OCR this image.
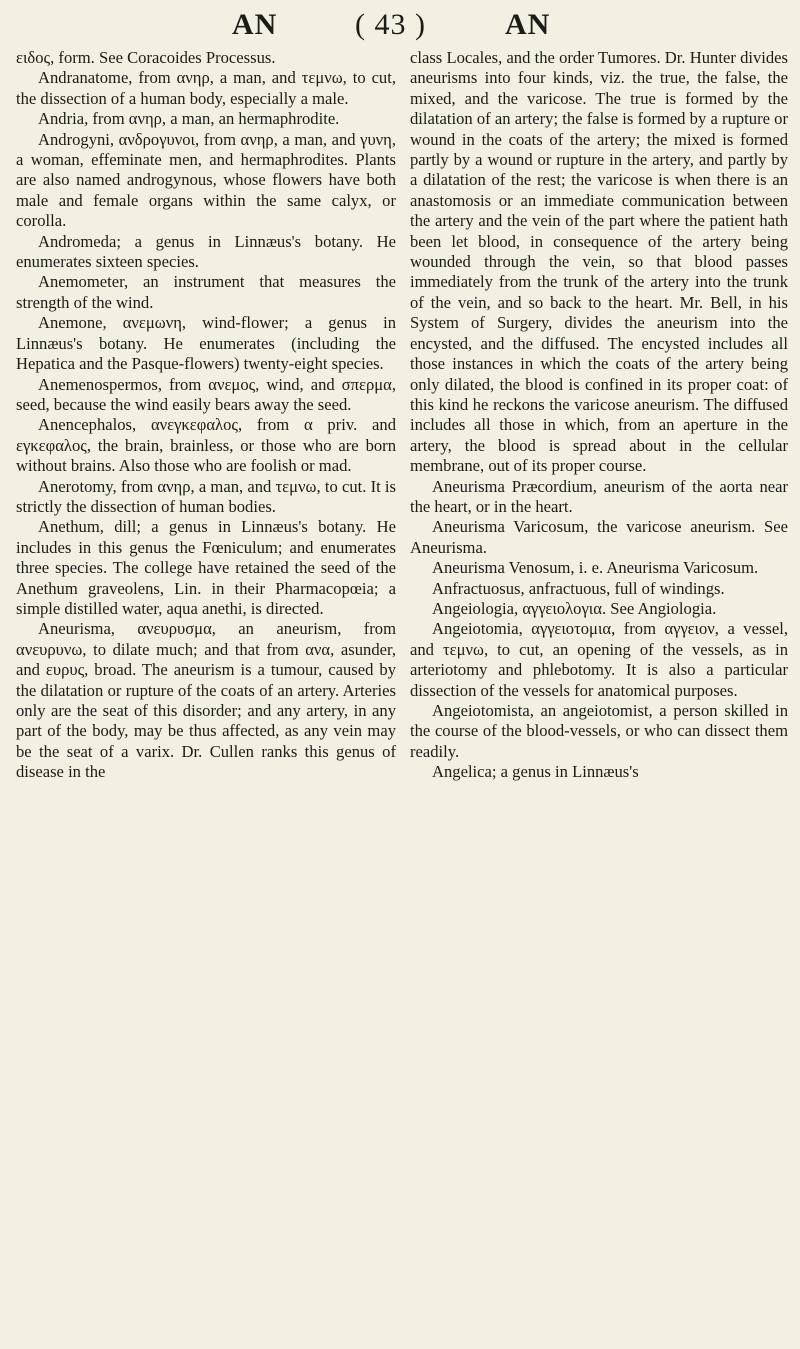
AN	( 43 )	AN

ειδος, form. See Coracoides Processus.

Andranatome, from ανηρ, a man, and τεμνω, to cut, the dissection of a human body, especially a male.

Andria, from ανηρ, a man, an hermaphrodite.

Androgyni, ανδρογυνοι, from ανηρ, a man, and γυνη, a woman, effeminate men, and hermaphrodites. Plants are also named androgynous, whose flowers have both male and female organs within the same calyx, or corolla.

Andromeda; a genus in Linnæus's botany. He enumerates sixteen species.

Anemometer, an instrument that measures the strength of the wind.

Anemone, ανεμωνη, wind-flower; a genus in Linnæus's botany. He enumerates (including the Hepatica and the Pasque-flowers) twenty-eight species.

Anemenospermos, from ανεμος, wind, and σπερμα, seed, because the wind easily bears away the seed.

Anencephalos, ανεγκεφαλος, from α priv. and εγκεφαλος, the brain, brainless, or those who are born without brains. Also those who are foolish or mad.

Anerotomy, from ανηρ, a man, and τεμνω, to cut. It is strictly the dissection of human bodies.

Anethum, dill; a genus in Linnæus's botany. He includes in this genus the Fœniculum; and enumerates three species. The college have retained the seed of the Anethum graveolens, Lin. in their Pharmacopœia; a simple distilled water, aqua anethi, is directed.

Aneurisma, ανευρυσμα, an aneurism, from ανευρυνω, to dilate much; and that from ανα, asunder, and ευρυς, broad. The aneurism is a tumour, caused by the dilatation or rupture of the coats of an artery. Arteries only are the seat of this disorder; and any artery, in any part of the body, may be thus affected, as any vein may be the seat of a varix. Dr. Cullen ranks this genus of disease in the

class Locales, and the order Tumores. Dr. Hunter divides aneurisms into four kinds, viz. the true, the false, the mixed, and the varicose. The true is formed by the dilatation of an artery; the false is formed by a rupture or wound in the coats of the artery; the mixed is formed partly by a wound or rupture in the artery, and partly by a dilatation of the rest; the varicose is when there is an anastomosis or an immediate communication between the artery and the vein of the part where the patient hath been let blood, in consequence of the artery being wounded through the vein, so that blood passes immediately from the trunk of the artery into the trunk of the vein, and so back to the heart. Mr. Bell, in his System of Surgery, divides the aneurism into the encysted, and the diffused. The encysted includes all those instances in which the coats of the artery being only dilated, the blood is confined in its proper coat: of this kind he reckons the varicose aneurism. The diffused includes all those in which, from an aperture in the artery, the blood is spread about in the cellular membrane, out of its proper course.

Aneurisma Præcordium, aneurism of the aorta near the heart, or in the heart.

Aneurisma Varicosum, the varicose aneurism. See Aneurisma.

Aneurisma Venosum, i. e. Aneurisma Varicosum.

Anfractuosus, anfractuous, full of windings.

Angeiologia, αγγειολογια. See Angiologia.

Angeiotomia, αγγειοτομια, from αγγειον, a vessel, and τεμνω, to cut, an opening of the vessels, as in arteriotomy and phlebotomy. It is also a particular dissection of the vessels for anatomical purposes.

Angeiotomista, an angeiotomist, a person skilled in the course of the blood-vessels, or who can dissect them readily.

Angelica; a genus in Linnæus's
